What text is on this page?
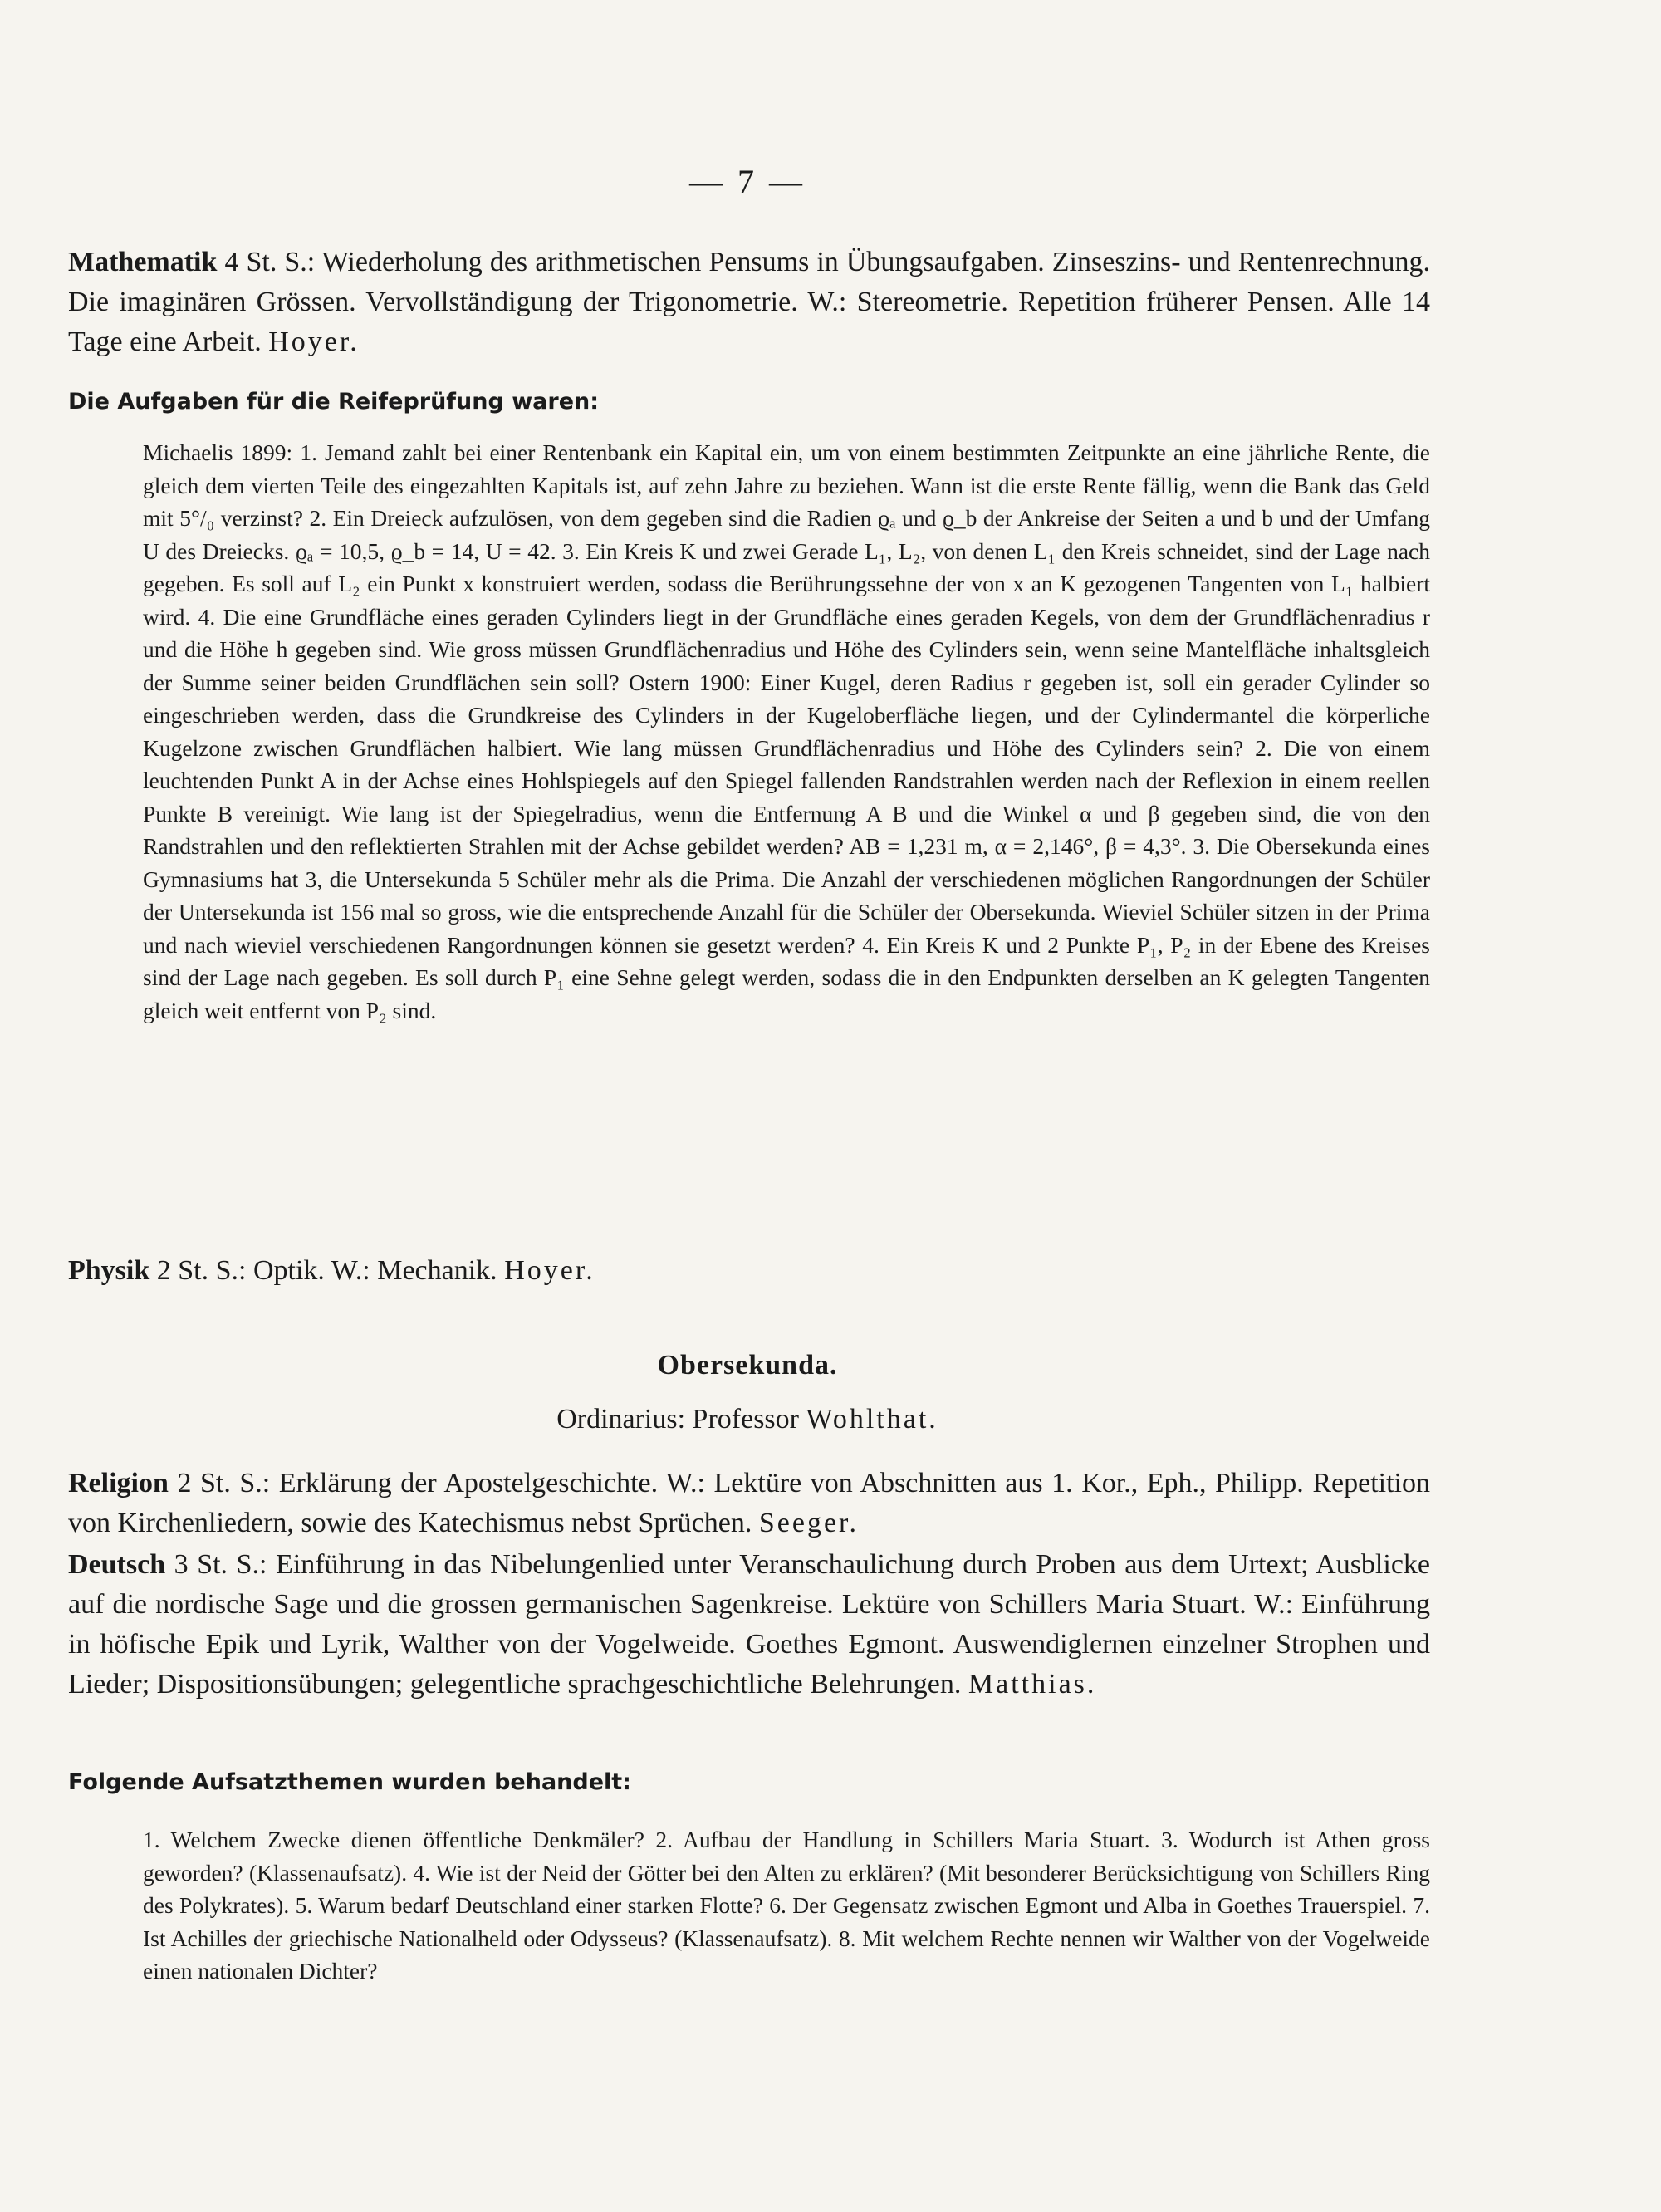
— 7 —
Mathematik 4 St. S.: Wiederholung des arithmetischen Pensums in Übungsaufgaben. Zinseszins- und Rentenrechnung. Die imaginären Grössen. Vervollständigung der Trigonometrie. W.: Stereometrie. Repetition früherer Pensen. Alle 14 Tage eine Arbeit. Hoyer.
Die Aufgaben für die Reifeprüfung waren:
Michaelis 1899: 1. Jemand zahlt bei einer Rentenbank ein Kapital ein, um von einem bestimmten Zeitpunkte an eine jährliche Rente, die gleich dem vierten Teile des eingezahlten Kapitals ist, auf zehn Jahre zu beziehen. Wann ist die erste Rente fällig, wenn die Bank das Geld mit 5°/₀ verzinst? 2. Ein Dreieck aufzulösen, von dem gegeben sind die Radien ϱₐ und ϱ_b der Ankreise der Seiten a und b und der Umfang U des Dreiecks. ϱₐ = 10,5, ϱ_b = 14, U = 42. 3. Ein Kreis K und zwei Gerade L₁, L₂, von denen L₁ den Kreis schneidet, sind der Lage nach gegeben. Es soll auf L₂ ein Punkt x konstruiert werden, sodass die Berührungssehne der von x an K gezogenen Tangenten von L₁ halbiert wird. 4. Die eine Grundfläche eines geraden Cylinders liegt in der Grundfläche eines geraden Kegels, von dem der Grundflächenradius r und die Höhe h gegeben sind. Wie gross müssen Grundflächenradius und Höhe des Cylinders sein, wenn seine Mantelfläche inhaltsgleich der Summe seiner beiden Grundflächen sein soll? Ostern 1900: Einer Kugel, deren Radius r gegeben ist, soll ein gerader Cylinder so eingeschrieben werden, dass die Grundkreise des Cylinders in der Kugeloberfläche liegen, und der Cylindermantel die körperliche Kugelzone zwischen Grundflächen halbiert. Wie lang müssen Grundflächenradius und Höhe des Cylinders sein? 2. Die von einem leuchtenden Punkt A in der Achse eines Hohlspiegels auf den Spiegel fallenden Randstrahlen werden nach der Reflexion in einem reellen Punkte B vereinigt. Wie lang ist der Spiegelradius, wenn die Entfernung A B und die Winkel α und β gegeben sind, die von den Randstrahlen und den reflektierten Strahlen mit der Achse gebildet werden? AB = 1,231 m, α = 2,146°, β = 4,3°. 3. Die Obersekunda eines Gymnasiums hat 3, die Untersekunda 5 Schüler mehr als die Prima. Die Anzahl der verschiedenen möglichen Rangordnungen der Schüler der Untersekunda ist 156 mal so gross, wie die entsprechende Anzahl für die Schüler der Obersekunda. Wieviel Schüler sitzen in der Prima und nach wieviel verschiedenen Rangordnungen können sie gesetzt werden? 4. Ein Kreis K und 2 Punkte P₁, P₂ in der Ebene des Kreises sind der Lage nach gegeben. Es soll durch P₁ eine Sehne gelegt werden, sodass die in den Endpunkten derselben an K gelegten Tangenten gleich weit entfernt von P₂ sind.
Physik 2 St. S.: Optik. W.: Mechanik. Hoyer.
Obersekunda.
Ordinarius: Professor Wohlthat.
Religion 2 St. S.: Erklärung der Apostelgeschichte. W.: Lektüre von Abschnitten aus 1. Kor., Eph., Philipp. Repetition von Kirchenliedern, sowie des Katechismus nebst Sprüchen. Seeger.
Deutsch 3 St. S.: Einführung in das Nibelungenlied unter Veranschaulichung durch Proben aus dem Urtext; Ausblicke auf die nordische Sage und die grossen germanischen Sagenkreise. Lektüre von Schillers Maria Stuart. W.: Einführung in höfische Epik und Lyrik, Walther von der Vogelweide. Goethes Egmont. Auswendiglernen einzelner Strophen und Lieder; Dispositionsübungen; gelegentliche sprachgeschichtliche Belehrungen. Matthias.
Folgende Aufsatzthemen wurden behandelt:
1. Welchem Zwecke dienen öffentliche Denkmäler? 2. Aufbau der Handlung in Schillers Maria Stuart. 3. Wodurch ist Athen gross geworden? (Klassenaufsatz). 4. Wie ist der Neid der Götter bei den Alten zu erklären? (Mit besonderer Berücksichtigung von Schillers Ring des Polykrates). 5. Warum bedarf Deutschland einer starken Flotte? 6. Der Gegensatz zwischen Egmont und Alba in Goethes Trauerspiel. 7. Ist Achilles der griechische Nationalheld oder Odysseus? (Klassenaufsatz). 8. Mit welchem Rechte nennen wir Walther von der Vogelweide einen nationalen Dichter?
